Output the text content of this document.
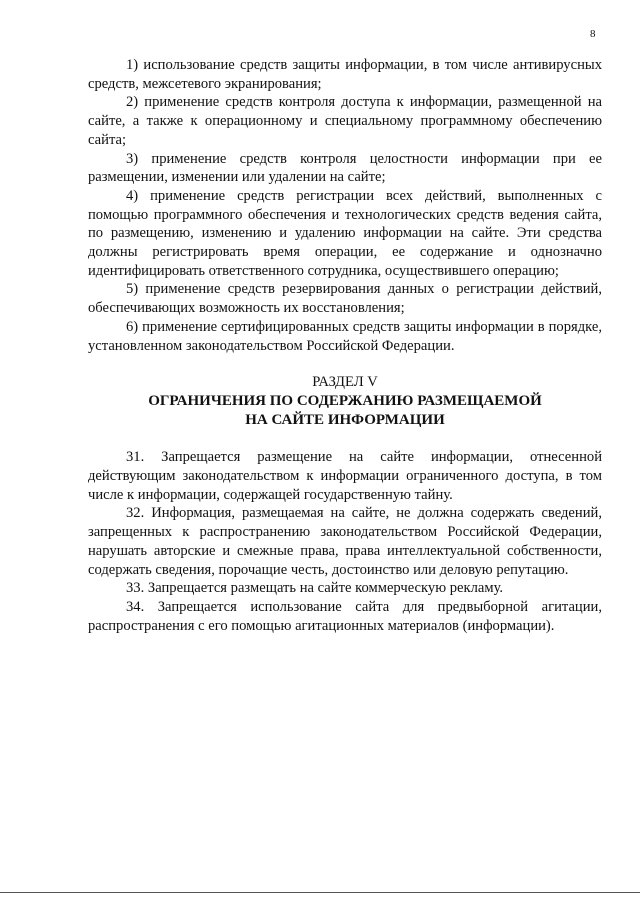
8

1) использование средств защиты информации, в том числе антивирусных средств, межсетевого экранирования;

2) применение средств контроля доступа к информации, размещенной на сайте, а также к операционному и специальному программному обеспечению сайта;

3) применение средств контроля целостности информации при ее размещении, изменении или удалении на сайте;

4) применение средств регистрации всех действий, выполненных с помощью программного обеспечения и технологических средств ведения сайта, по размещению, изменению и удалению информации на сайте. Эти средства должны регистрировать время операции, ее содержание и однозначно идентифицировать ответственного сотрудника, осуществившего операцию;

5) применение средств резервирования данных о регистрации действий, обеспечивающих возможность их восстановления;

6) применение сертифицированных средств защиты информации в порядке, установленном законодательством Российской Федерации.

РАЗДЕЛ V
ОГРАНИЧЕНИЯ ПО СОДЕРЖАНИЮ РАЗМЕЩАЕМОЙ
НА САЙТЕ ИНФОРМАЦИИ

31. Запрещается размещение на сайте информации, отнесенной действующим законодательством к информации ограниченного доступа, в том числе к информации, содержащей государственную тайну.

32. Информация, размещаемая на сайте, не должна содержать сведений, запрещенных к распространению законодательством Российской Федерации, нарушать авторские и смежные права, права интеллектуальной собственности, содержать сведения, порочащие честь, достоинство или деловую репутацию.

33. Запрещается размещать на сайте коммерческую рекламу.

34. Запрещается использование сайта для предвыборной агитации, распространения с его помощью агитационных материалов (информации).
